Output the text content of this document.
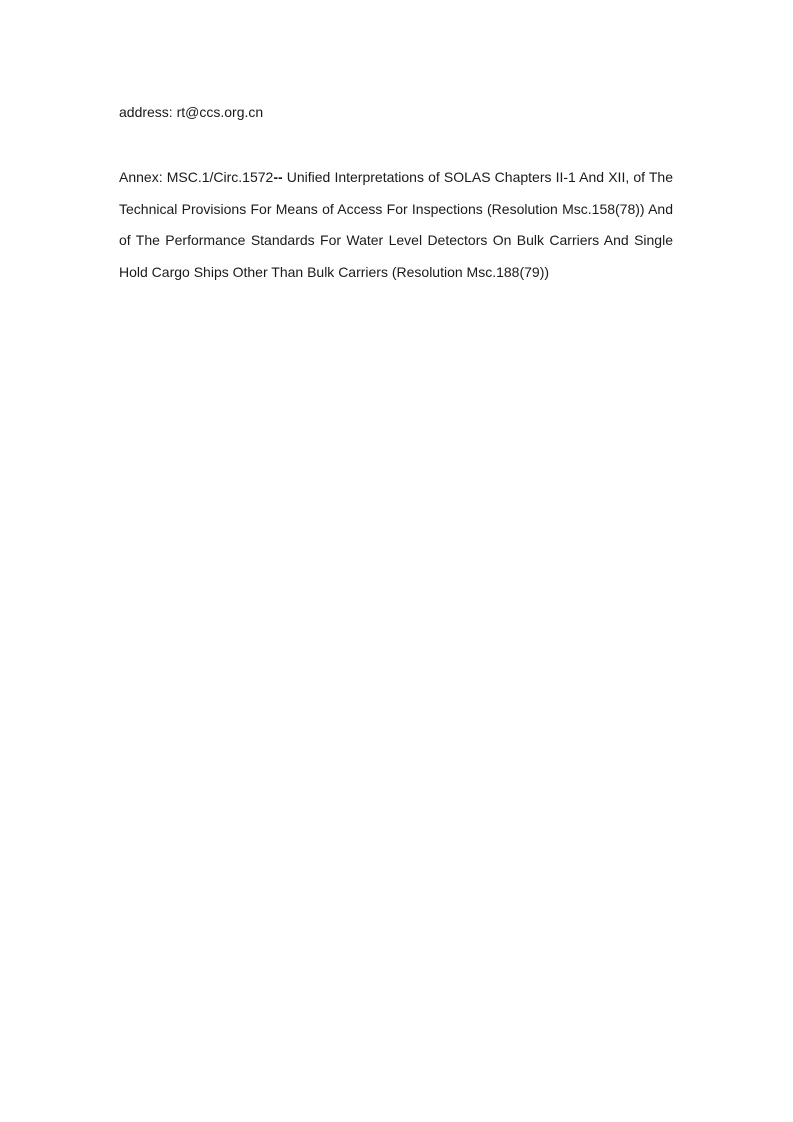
address: rt@ccs.org.cn

Annex: MSC.1/Circ.1572-- Unified Interpretations of SOLAS Chapters II-1 And XII, of The Technical Provisions For Means of Access For Inspections (Resolution Msc.158(78)) And of The Performance Standards For Water Level Detectors On Bulk Carriers And Single Hold Cargo Ships Other Than Bulk Carriers (Resolution Msc.188(79))
